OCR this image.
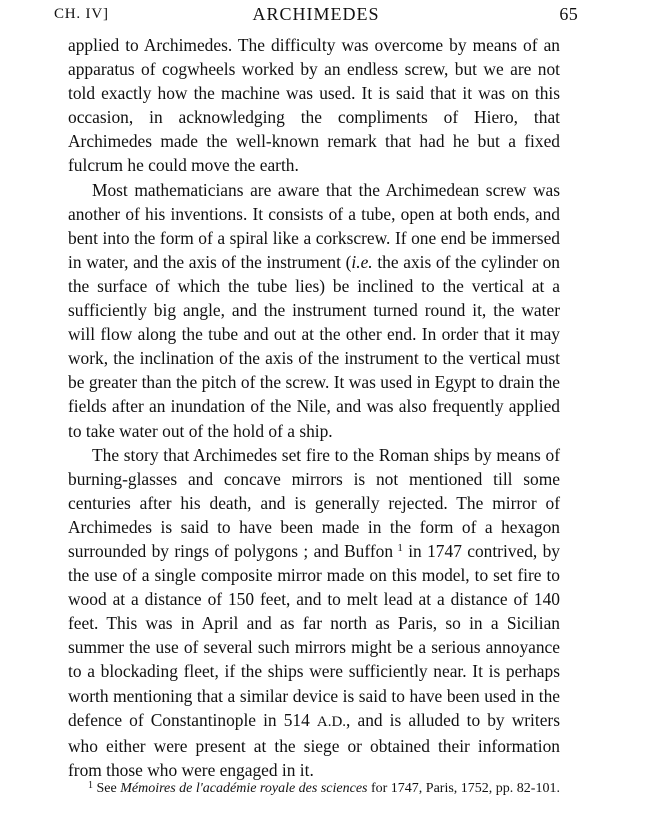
CH. IV]	ARCHIMEDES	65

applied to Archimedes. The difficulty was overcome by means of an apparatus of cogwheels worked by an endless screw, but we are not told exactly how the machine was used. It is said that it was on this occasion, in acknowledging the compliments of Hiero, that Archimedes made the well-known remark that had he but a fixed fulcrum he could move the earth.

Most mathematicians are aware that the Archimedean screw was another of his inventions. It consists of a tube, open at both ends, and bent into the form of a spiral like a corkscrew. If one end be immersed in water, and the axis of the instrument (i.e. the axis of the cylinder on the surface of which the tube lies) be inclined to the vertical at a sufficiently big angle, and the instrument turned round it, the water will flow along the tube and out at the other end. In order that it may work, the inclination of the axis of the instrument to the vertical must be greater than the pitch of the screw. It was used in Egypt to drain the fields after an inundation of the Nile, and was also frequently applied to take water out of the hold of a ship.

The story that Archimedes set fire to the Roman ships by means of burning-glasses and concave mirrors is not mentioned till some centuries after his death, and is generally rejected. The mirror of Archimedes is said to have been made in the form of a hexagon surrounded by rings of polygons ; and Buffon $^1$ in 1747 contrived, by the use of a single composite mirror made on this model, to set fire to wood at a distance of 150 feet, and to melt lead at a distance of 140 feet. This was in April and as far north as Paris, so in a Sicilian summer the use of several such mirrors might be a serious annoyance to a blockading fleet, if the ships were sufficiently near. It is perhaps worth mentioning that a similar device is said to have been used in the defence of Constantinople in 514 A.D., and is alluded to by writers who either were present at the siege or obtained their information from those who were engaged in it.

$^1$ See Mémoires de l'académie royale des sciences for 1747, Paris, 1752, pp. 82-101.
